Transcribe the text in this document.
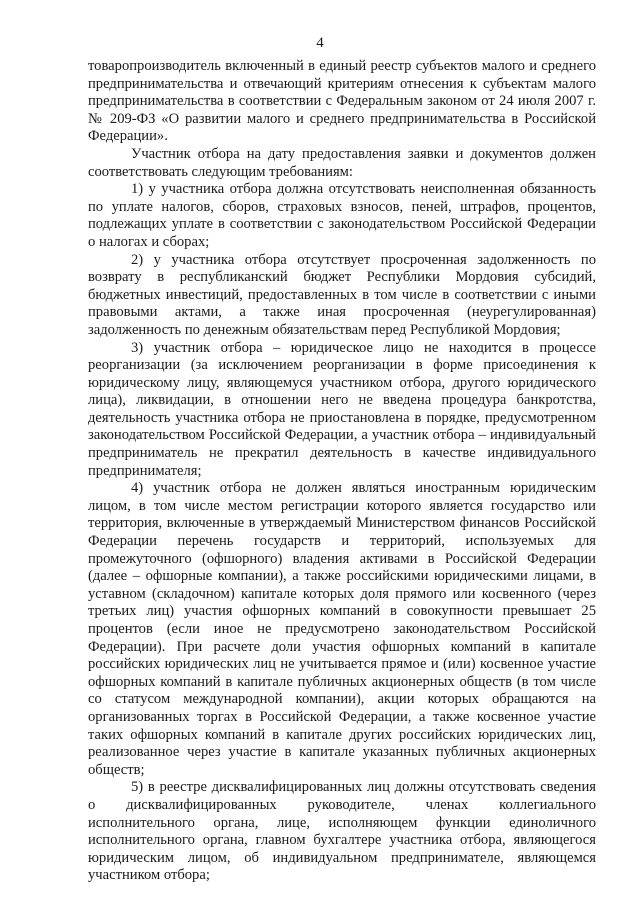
4

товаропроизводитель включенный в единый реестр субъектов малого и среднего предпринимательства и отвечающий критериям отнесения к субъектам малого предпринимательства в соответствии с Федеральным законом от 24 июля 2007 г. № 209-ФЗ «О развитии малого и среднего предпринимательства в Российской Федерации».

Участник отбора на дату предоставления заявки и документов должен соответствовать следующим требованиям:

1) у участника отбора должна отсутствовать неисполненная обязанность по уплате налогов, сборов, страховых взносов, пеней, штрафов, процентов, подлежащих уплате в соответствии с законодательством Российской Федерации о налогах и сборах;

2) у участника отбора отсутствует просроченная задолженность по возврату в республиканский бюджет Республики Мордовия субсидий, бюджетных инвестиций, предоставленных в том числе в соответствии с иными правовыми актами, а также иная просроченная (неурегулированная) задолженность по денежным обязательствам перед Республикой Мордовия;

3) участник отбора – юридическое лицо не находится в процессе реорганизации (за исключением реорганизации в форме присоединения к юридическому лицу, являющемуся участником отбора, другого юридического лица), ликвидации, в отношении него не введена процедура банкротства, деятельность участника отбора не приостановлена в порядке, предусмотренном законодательством Российской Федерации, а участник отбора – индивидуальный предприниматель не прекратил деятельность в качестве индивидуального предпринимателя;

4) участник отбора не должен являться иностранным юридическим лицом, в том числе местом регистрации которого является государство или территория, включенные в утверждаемый Министерством финансов Российской Федерации перечень государств и территорий, используемых для промежуточного (офшорного) владения активами в Российской Федерации (далее – офшорные компании), а также российскими юридическими лицами, в уставном (складочном) капитале которых доля прямого или косвенного (через третьих лиц) участия офшорных компаний в совокупности превышает 25 процентов (если иное не предусмотрено законодательством Российской Федерации). При расчете доли участия офшорных компаний в капитале российских юридических лиц не учитывается прямое и (или) косвенное участие офшорных компаний в капитале публичных акционерных обществ (в том числе со статусом международной компании), акции которых обращаются на организованных торгах в Российской Федерации, а также косвенное участие таких офшорных компаний в капитале других российских юридических лиц, реализованное через участие в капитале указанных публичных акционерных обществ;

5) в реестре дисквалифицированных лиц должны отсутствовать сведения о дисквалифицированных руководителе, членах коллегиального исполнительного органа, лице, исполняющем функции единоличного исполнительного органа, главном бухгалтере участника отбора, являющегося юридическим лицом, об индивидуальном предпринимателе, являющемся участником отбора;
